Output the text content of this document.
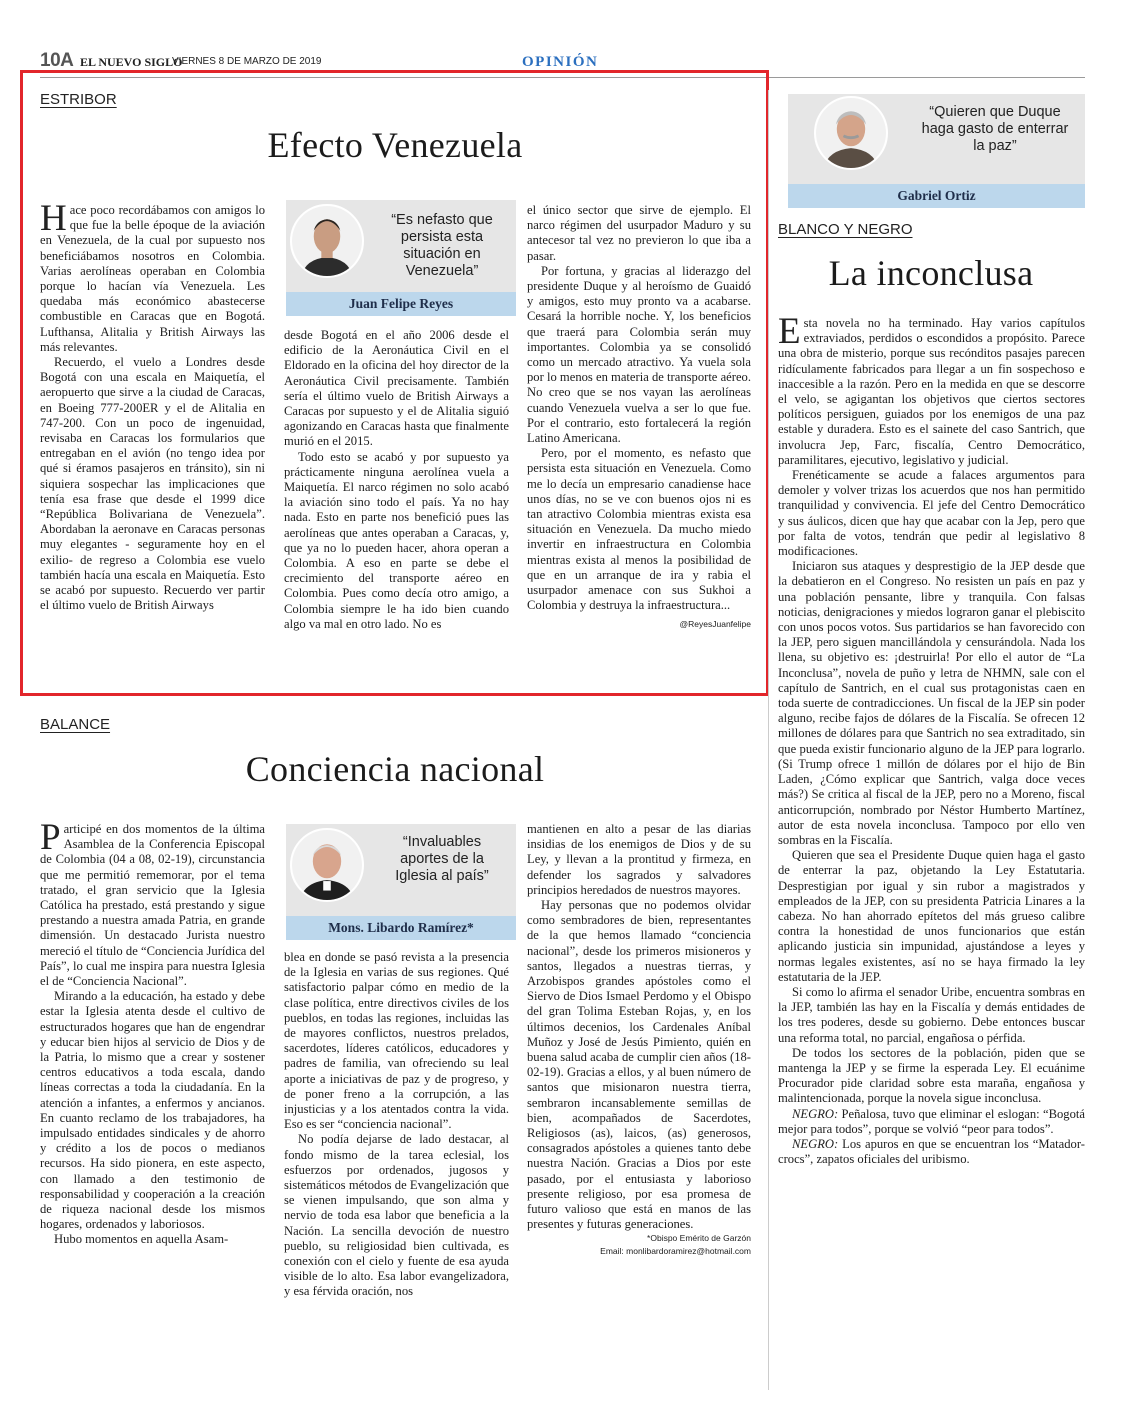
10A EL NUEVO SIGLO
VIERNES 8 DE MARZO DE 2019	OPINIÓN
ESTRIBOR
Efecto Venezuela

Hace poco recordábamos con amigos lo que fue la belle époque de la aviación en Venezuela, de la cual por supuesto nos beneficiábamos nosotros en Colombia. Varias aerolíneas operaban en Colombia porque lo hacían vía Venezuela. Les quedaba más económico abastecerse combustible en Caracas que en Bogotá. Lufthansa, Alitalia y British Airways las más relevantes.

Recuerdo, el vuelo a Londres desde Bogotá con una escala en Maiquetía, el aeropuerto que sirve a la ciudad de Caracas, en Boeing 777-200ER y el de Alitalia en 747-200. Con un poco de ingenuidad, revisaba en Caracas los formularios que entregaban en el avión (no tengo idea por qué si éramos pasajeros en tránsito), sin ni siquiera sospechar las implicaciones que tenía esa frase que desde el 1999 dice “República Bolivariana de Venezuela”. Abordaban la aeronave en Caracas personas muy elegantes - seguramente hoy en el exilio- de regreso a Colombia ese vuelo también hacía una escala en Maiquetía. Esto se acabó por supuesto. Recuerdo ver partir el último vuelo de British Airways

“Es nefasto que persista esta situación en Venezuela”
Juan Felipe Reyes

desde Bogotá en el año 2006 desde el edificio de la Aeronáutica Civil en el Eldorado en la oficina del hoy director de la Aeronáutica Civil precisamente. También sería el último vuelo de British Airways a Caracas por supuesto y el de Alitalia siguió agonizando en Caracas hasta que finalmente murió en el 2015.

Todo esto se acabó y por supuesto ya prácticamente ninguna aerolínea vuela a Maiquetía. El narco régimen no solo acabó la aviación sino todo el país. Ya no hay nada. Esto en parte nos benefició pues las aerolíneas que antes operaban a Caracas, y, que ya no lo pueden hacer, ahora operan a Colombia. A eso en parte se debe el crecimiento del transporte aéreo en Colombia. Pues como decía otro amigo, a Colombia siempre le ha ido bien cuando algo va mal en otro lado. No es

el único sector que sirve de ejemplo. El narco régimen del usurpador Maduro y su antecesor tal vez no previeron lo que iba a pasar.

Por fortuna, y gracias al liderazgo del presidente Duque y al heroísmo de Guaidó y amigos, esto muy pronto va a acabarse. Cesará la horrible noche. Y, los beneficios que traerá para Colombia serán muy importantes. Colombia ya se consolidó como un mercado atractivo. Ya vuela sola por lo menos en materia de transporte aéreo. No creo que se nos vayan las aerolíneas cuando Venezuela vuelva a ser lo que fue. Por el contrario, esto fortalecerá la región Latino Americana.

Pero, por el momento, es nefasto que persista esta situación en Venezuela. Como me lo decía un empresario canadiense hace unos días, no se ve con buenos ojos ni es tan atractivo Colombia mientras exista esa situación en Venezuela. Da mucho miedo invertir en infraestructura en Colombia mientras exista al menos la posibilidad de que en un arranque de ira y rabia el usurpador amenace con sus Sukhoi a Colombia y destruya la infraestructura...

@ReyesJuanfelipe
BALANCE
Conciencia nacional

Participé en dos momentos de la última Asamblea de la Conferencia Episcopal de Colombia (04 a 08, 02-19), circunstancia que me permitió rememorar, por el tema tratado, el gran servicio que la Iglesia Católica ha prestado, está prestando y sigue prestando a nuestra amada Patria, en grande dimensión. Un destacado Jurista nuestro mereció el título de “Conciencia Jurídica del País”, lo cual me inspira para nuestra Iglesia el de “Conciencia Nacional”.

Mirando a la educación, ha estado y debe estar la Iglesia atenta desde el cultivo de estructurados hogares que han de engendrar y educar bien hijos al servicio de Dios y de la Patria, lo mismo que a crear y sostener centros educativos a toda escala, dando líneas correctas a toda la ciudadanía. En la atención a infantes, a enfermos y ancianos. En cuanto reclamo de los trabajadores, ha impulsado entidades sindicales y de ahorro y crédito a los de pocos o medianos recursos. Ha sido pionera, en este aspecto, con llamado a den testimonio de responsabilidad y cooperación a la creación de riqueza nacional desde los mismos hogares, ordenados y laboriosos.

Hubo momentos en aquella Asam-

“Invaluables aportes de la Iglesia al país”
Mons. Libardo Ramírez*

blea en donde se pasó revista a la presencia de la Iglesia en varias de sus regiones. Qué satisfactorio palpar cómo en medio de la clase política, entre directivos civiles de los pueblos, en todas las regiones, incluidas las de mayores conflictos, nuestros prelados, sacerdotes, líderes católicos, educadores y padres de familia, van ofreciendo su leal aporte a iniciativas de paz y de progreso, y de poner freno a la corrupción, a las injusticias y a los atentados contra la vida. Eso es ser “conciencia nacional”.

No podía dejarse de lado destacar, al fondo mismo de la tarea eclesial, los esfuerzos por ordenados, jugosos y sistemáticos métodos de Evangelización que se vienen impulsando, que son alma y nervio de toda esa labor que beneficia a la Nación. La sencilla devoción de nuestro pueblo, su religiosidad bien cultivada, es conexión con el cielo y fuente de esa ayuda visible de lo alto. Esa labor evangelizadora, y esa férvida oración, nos

mantienen en alto a pesar de las diarias insidias de los enemigos de Dios y de su Ley, y llevan a la prontitud y firmeza, en defender los sagrados y salvadores principios heredados de nuestros mayores.

Hay personas que no podemos olvidar como sembradores de bien, representantes de la que hemos llamado “conciencia nacional”, desde los primeros misioneros y santos, llegados a nuestras tierras, y Arzobispos grandes apóstoles como el Siervo de Dios Ismael Perdomo y el Obispo del gran Tolima Esteban Rojas, y, en los últimos decenios, los Cardenales Aníbal Muñoz y José de Jesús Pimiento, quién en buena salud acaba de cumplir cien años (18-02-19). Gracias a ellos, y al buen número de santos que misionaron nuestra tierra, sembraron incansablemente semillas de bien, acompañados de Sacerdotes, Religiosos (as), laicos, (as) generosos, consagrados apóstoles a quienes tanto debe nuestra Nación. Gracias a Dios por este pasado, por el entusiasta y laborioso presente religioso, por esa promesa de futuro valioso que está en manos de las presentes y futuras generaciones.

*Obispo Emérito de Garzón
Email: monlibardoramirez@hotmail.com
“Quieren que Duque haga gasto de enterrar la paz”
Gabriel Ortiz
BLANCO Y NEGRO
La inconclusa

Esta novela no ha terminado. Hay varios capítulos extraviados, perdidos o escondidos a propósito. Parece una obra de misterio, porque sus recónditos pasajes parecen ridículamente fabricados para llegar a un fin sospechoso e inaccesible a la razón. Pero en la medida en que se descorre el velo, se agigantan los objetivos que ciertos sectores políticos persiguen, guiados por los enemigos de una paz estable y duradera. Esto es el sainete del caso Santrich, que involucra Jep, Farc, fiscalía, Centro Democrático, paramilitares, ejecutivo, legislativo y judicial.

Frenéticamente se acude a falaces argumentos para demoler y volver trizas los acuerdos que nos han permitido tranquilidad y convivencia. El jefe del Centro Democrático y sus áulicos, dicen que hay que acabar con la Jep, pero que por falta de votos, tendrán que pedir al legislativo 8 modificaciones.

Iniciaron sus ataques y desprestigio de la JEP desde que la debatieron en el Congreso. No resisten un país en paz y una población pensante, libre y tranquila. Con falsas noticias, denigraciones y miedos lograron ganar el plebiscito con unos pocos votos. Sus partidarios se han favorecido con la JEP, pero siguen mancillándola y censurándola. Nada los llena, su objetivo es: ¡destruirla! Por ello el autor de “La Inconclusa”, novela de puño y letra de NHMN, sale con el capítulo de Santrich, en el cual sus protagonistas caen en toda suerte de contradicciones. Un fiscal de la JEP sin poder alguno, recibe fajos de dólares de la Fiscalía. Se ofrecen 12 millones de dólares para que Santrich no sea extraditado, sin que pueda existir funcionario alguno de la JEP para lograrlo. (Si Trump ofrece 1 millón de dólares por el hijo de Bin Laden, ¿Cómo explicar que Santrich, valga doce veces más?) Se critica al fiscal de la JEP, pero no a Moreno, fiscal anticorrupción, nombrado por Néstor Humberto Martínez, autor de esta novela inconclusa. Tampoco por ello ven sombras en la Fiscalía.

Quieren que sea el Presidente Duque quien haga el gasto de enterrar la paz, objetando la Ley Estatutaria. Desprestigian por igual y sin rubor a magistrados y empleados de la JEP, con su presidenta Patricia Linares a la cabeza. No han ahorrado epítetos del más grueso calibre contra la honestidad de unos funcionarios que están aplicando justicia sin impunidad, ajustándose a leyes y normas legales existentes, así no se haya firmado la ley estatutaria de la JEP.

Si como lo afirma el senador Uribe, encuentra sombras en la JEP, también las hay en la Fiscalía y demás entidades de los tres poderes, desde su gobierno. Debe entonces buscar una reforma total, no parcial, engañosa o pérfida.

De todos los sectores de la población, piden que se mantenga la JEP y se firme la esperada Ley. El ecuánime Procurador pide claridad sobre esta maraña, engañosa y malintencionada, porque la novela sigue inconclusa.

NEGRO: Peñalosa, tuvo que eliminar el eslogan: “Bogotá mejor para todos”, porque se volvió “peor para todos”.

NEGRO: Los apuros en que se encuentran los “Matador-crocs”, zapatos oficiales del uribismo.
